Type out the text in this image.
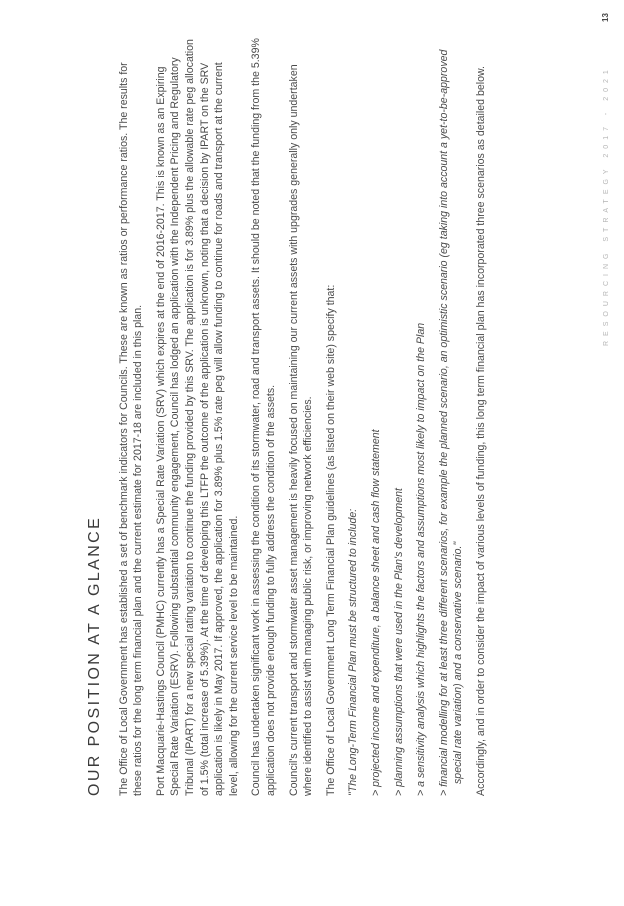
OUR POSITION AT A GLANCE The Office of Local Government has established a set of benchmark indicators for Councils. These are known as ratios or performance ratios. The results for these ratios for the long term financial plan and the current estimate for 2017-18 are included in this plan. Port Macquarie-Hastings Council (PMHC) currently has a Special Rate Variation (SRV) which expires at the end of 2016-2017. This is known as an Expiring Special Rate Variation (ESRV). Following substantial community engagement, Council has lodged an application with the Independent Pricing and Regulatory Tribunal (IPART) for a new special rating variation to continue the funding provided by this SRV. The application is for 3.89% plus the allowable rate peg allocation of 1.5% (total increase of 5.39%). At the time of developing this LTFP the outcome of the application is unknown, noting that a decision by IPART on the SRV application is likely in May 2017. If approved, the application for 3.89% plus 1.5% rate peg will allow funding to continue for roads and transport at the current level, allowing for the current service level to be maintained. Council has undertaken significant work in assessing the condition of its stormwater, road and transport assets. It should be noted that the funding from the 5.39% application does not provide enough funding to fully address the condition of the assets. Council's current transport and stormwater asset management is heavily focused on maintaining our current assets with upgrades generally only undertaken where identified to assist with managing public risk, or improving network efficiencies. The Office of Local Government Long Term Financial Plan guidelines (as listed on their web site) specify that: "The Long-Term Financial Plan must be structured to include: > projected income and expenditure, a balance sheet and cash flow statement > planning assumptions that were used in the Plan's development > a sensitivity analysis which highlights the factors and assumptions most likely to impact on the Plan > financial modelling for at least three different scenarios, for example the planned scenario, an optimistic scenario (eg taking into account a yet-to-be-approved special rate variation) and a conservative scenario." Accordingly, and in order to consider the impact of various levels of funding, this long term financial plan has incorporated three scenarios as detailed below.	RESOURCING STRATEGY 2017 - 2021
13
